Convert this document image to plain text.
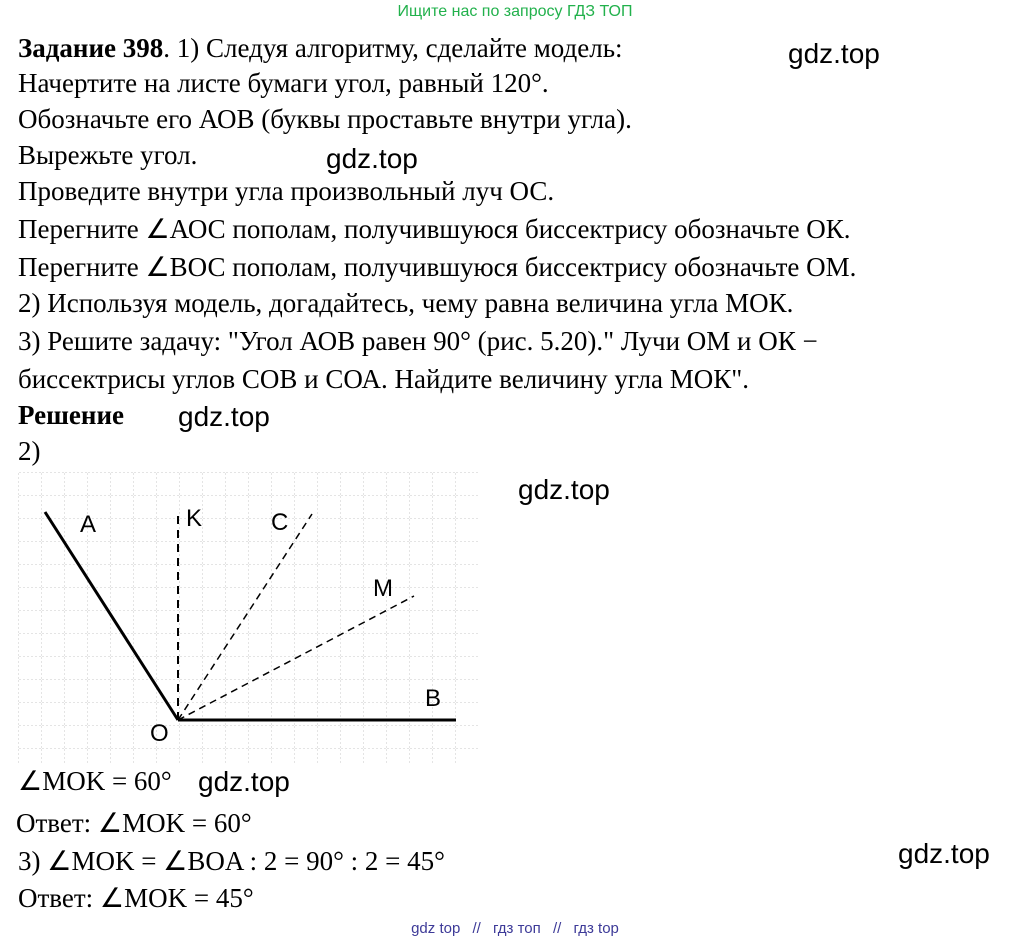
Ищите нас по запросу ГДЗ ТОП
Задание 398. 1) Следуя алгоритму, сделайте модель:
Начертите на листе бумаги угол, равный 120°.
Обозначьте его АОВ (буквы проставьте внутри угла).
Вырежьте угол.
Проведите внутри угла произвольный луч ОС.
Перегните ∠АОС пополам, получившуюся биссектрису обозначьте ОК.
Перегните ∠ВОС пополам, получившуюся биссектрису обозначьте ОМ.
2) Используя модель, догадайтесь, чему равна величина угла МОК.
3) Решите задачу: "Угол АОВ равен 90° (рис. 5.20)." Лучи ОМ и ОК −
биссектрисы углов СОВ и СОА. Найдите величину угла МОК".
Решение
2)
A	K	C
M
B
O
∠MOK = 60°
Ответ: ∠MOK = 60°
3) ∠MOK = ∠BOA : 2 = 90° : 2 = 45°
Ответ: ∠MOK = 45°
gdz.top
gdz.top
gdz.top
gdz.top
gdz.top
gdz.top
gdz top // гдз топ // гдз top
